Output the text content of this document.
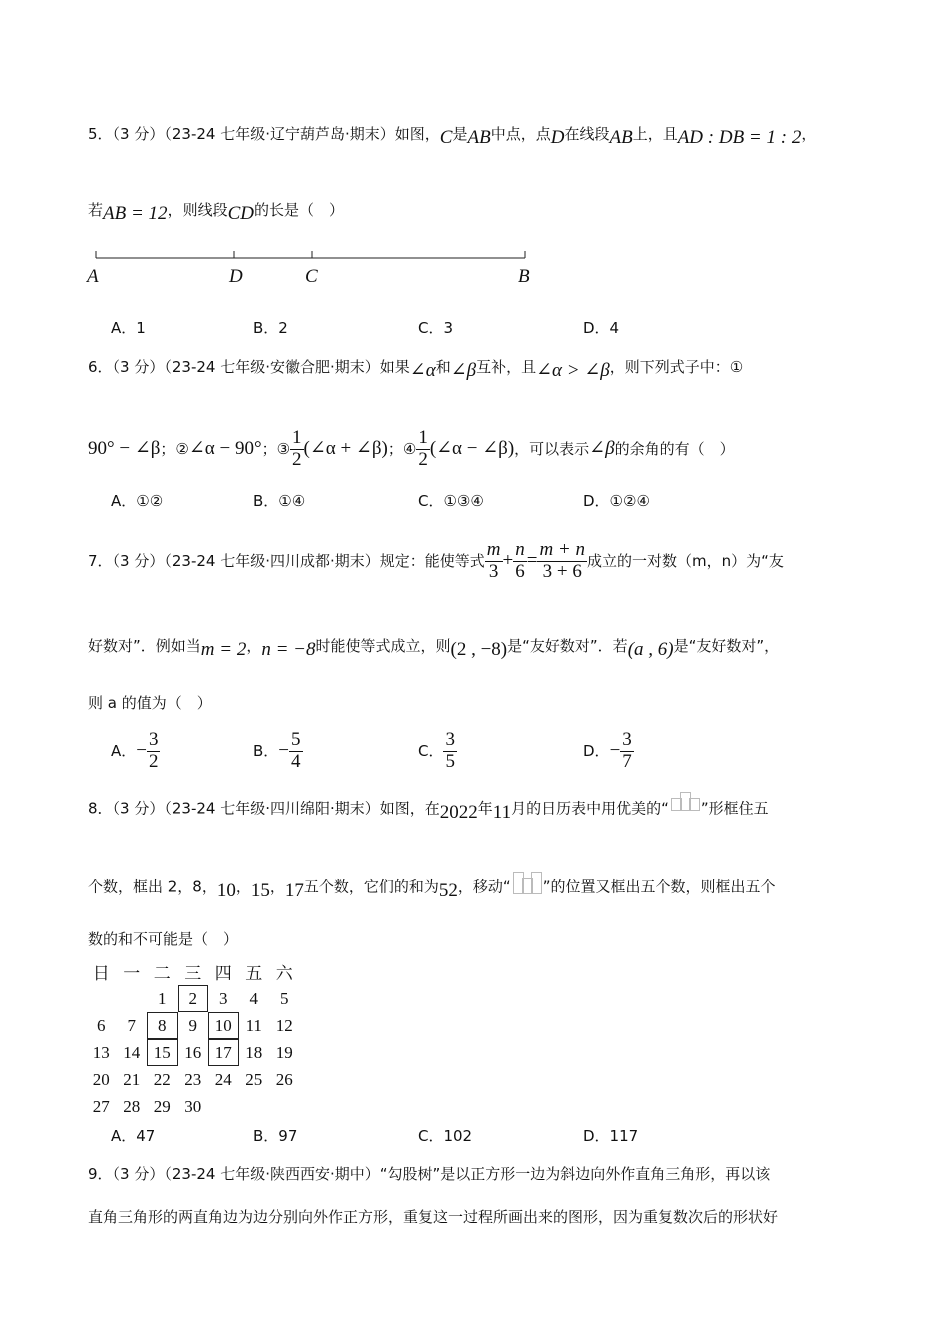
5．（3 分）（23-24 七年级·辽宁葫芦岛·期末）如图，C是AB中点，点D在线段AB上，且AD : DB = 1 : 2，
若AB = 12，则线段CD的长是（　）
A	D	C	B
A．1	B．2	C．3	D．4
6．（3 分）（23-24 七年级·安徽合肥·期末）如果∠α和∠β互补，且∠α > ∠β，则下列式子中：①
90° − ∠β；②∠α − 90°；③ $\frac{1}{2}$ (∠α + ∠β)；④ $\frac{1}{2}$ (∠α − ∠β)，可以表示∠β的余角的有（　）
A．①②	B．①④	C．①③④	D．①②④
7．（3 分）（23-24 七年级·四川成都·期末）规定：能使等式 $\frac{m}{3} + \frac{n}{6} = \frac{m + n}{3 + 6}$ 成立的一对数（m，n）为“友
好数对”．例如当m = 2，n = −8时能使等式成立，则(2 , −8)是“友好数对”．若(a , 6)是“友好数对”，
则 a 的值为（　）
A．− $\frac{3}{2}$	B．− $\frac{5}{4}$	C． $\frac{3}{5}$	D．− $\frac{3}{7}$
8．（3 分）（23-24 七年级·四川绵阳·期末）如图，在2022年11月的日历表中用优美的“ ”形框住五
个数，框出 2，8，10，15，17五个数，它们的和为52，移动“ ”的位置又框出五个数，则框出五个
数的和不可能是（　）
日	一	二	三	四	五	六
		1	2	3	4	5
6	7	8	9	10	11	12
13	14	15	16	17	18	19
20	21	22	23	24	25	26
27	28	29	30			
A．47	B．97	C．102	D．117
9．（3 分）（23-24 七年级·陕西西安·期中）“勾股树”是以正方形一边为斜边向外作直角三角形，再以该
直角三角形的两直角边为边分别向外作正方形，重复这一过程所画出来的图形，因为重复数次后的形状好
